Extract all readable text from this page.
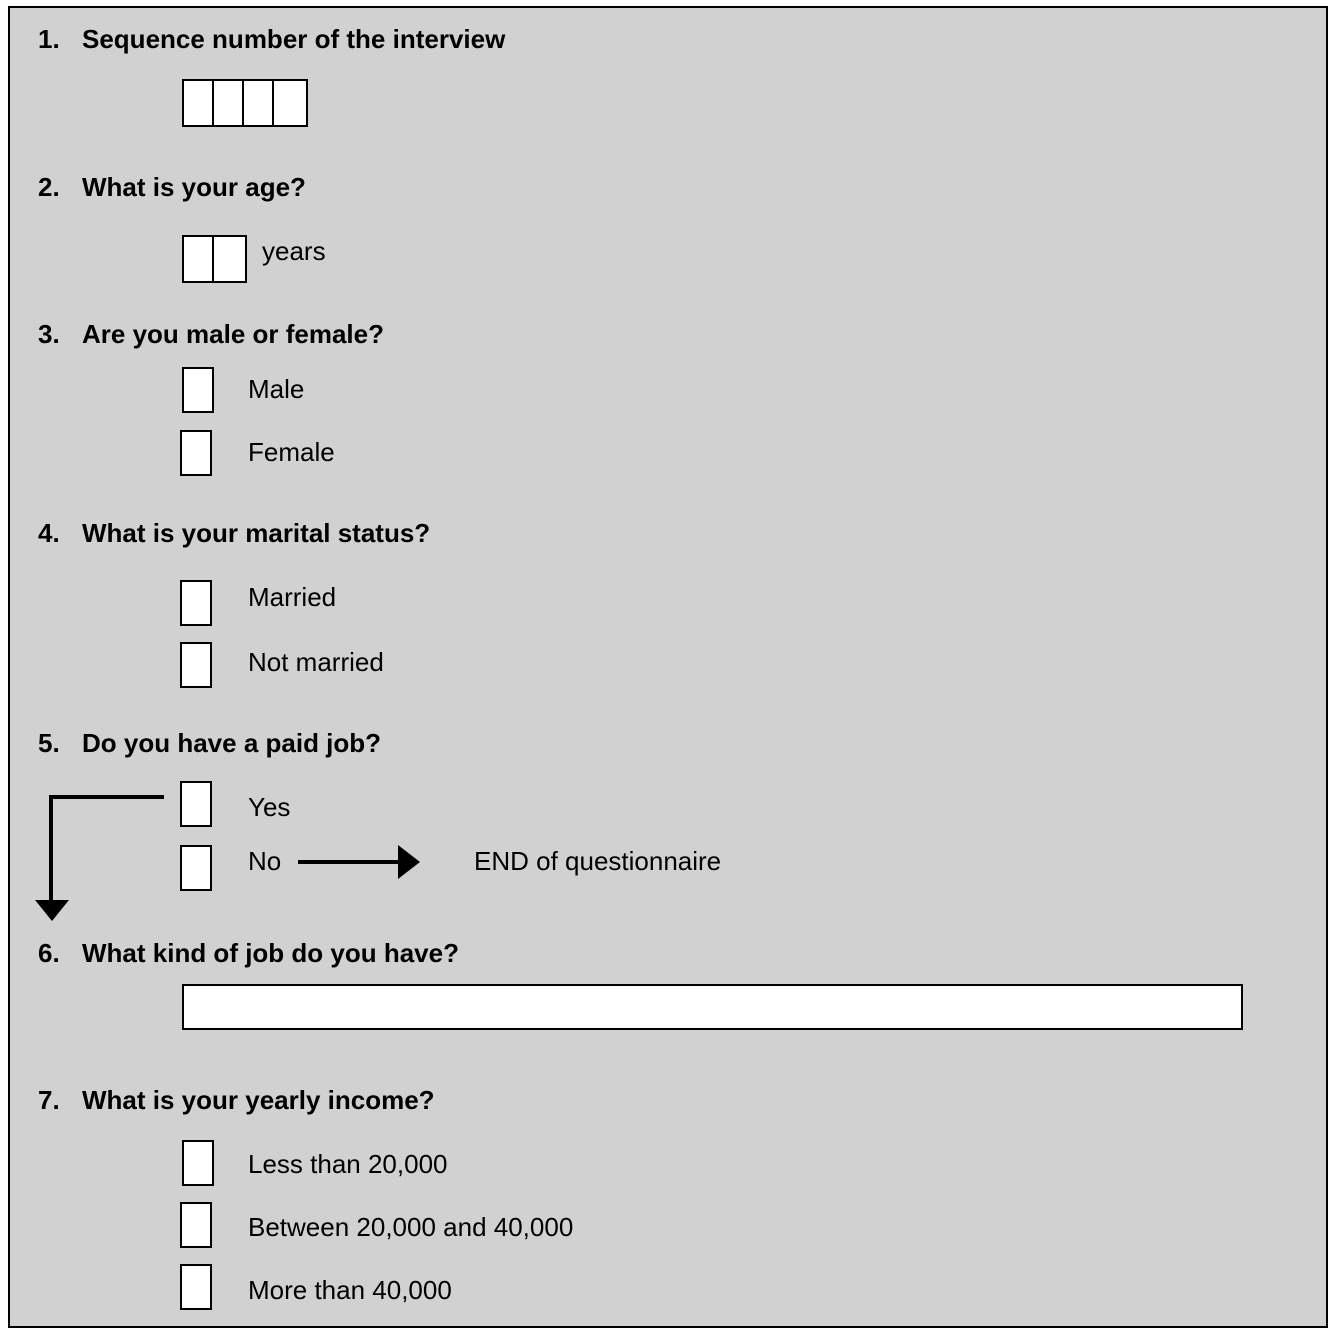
1. Sequence number of the interview
2. What is your age?
years
3. Are you male or female?
Male
Female
4. What is your marital status?
Married
Not married
5. Do you have a paid job?
Yes
No	END of questionnaire
6. What kind of job do you have?
7. What is your yearly income?
Less than 20,000
Between 20,000 and 40,000
More than 40,000
